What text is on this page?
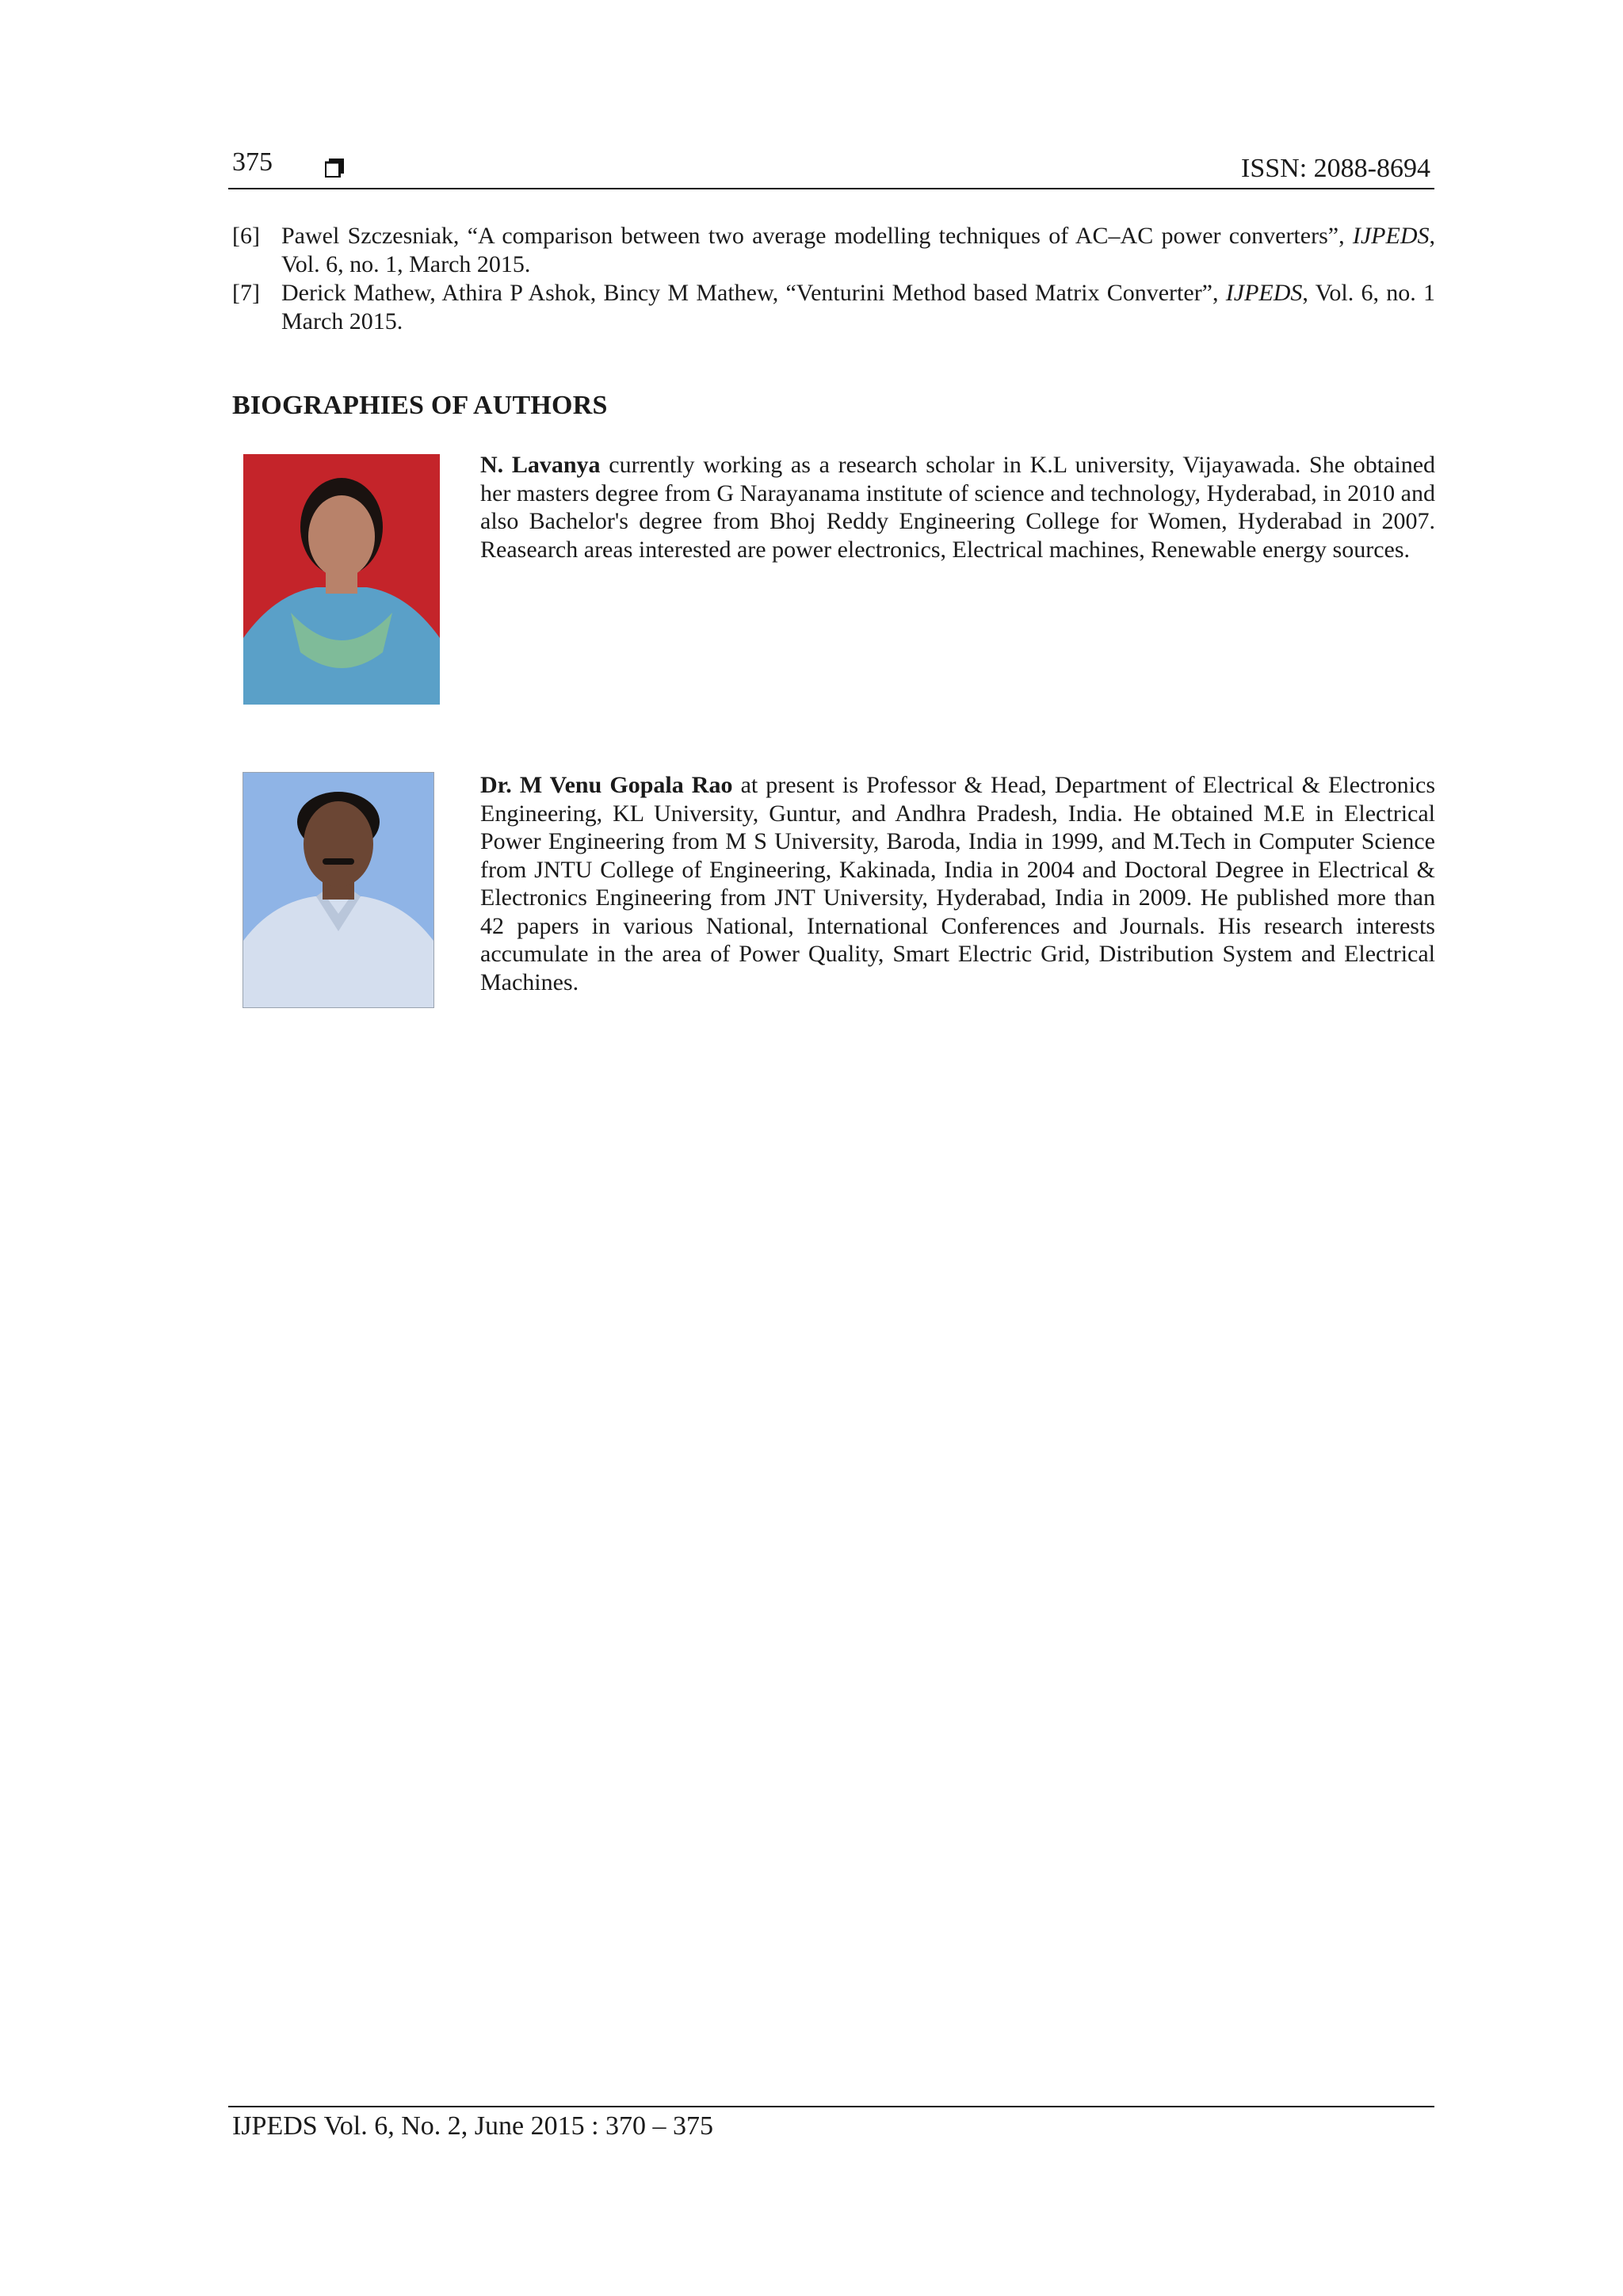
375	ISSN: 2088-8694
[6] Pawel Szczesniak, “A comparison between two average modelling techniques of AC–AC power converters”, IJPEDS, Vol. 6, no. 1, March 2015.
[7] Derick Mathew, Athira P Ashok, Bincy M Mathew, “Venturini Method based Matrix Converter”, IJPEDS, Vol. 6, no. 1 March 2015.
BIOGRAPHIES OF AUTHORS

N. Lavanya currently working as a research scholar in K.L university, Vijayawada. She obtained her masters degree from G Narayanama institute of science and technology, Hyderabad, in 2010 and also Bachelor's degree from Bhoj Reddy Engineering College for Women, Hyderabad in 2007. Reasearch areas interested are power electronics, Electrical machines, Renewable energy sources.

Dr. M Venu Gopala Rao at present is Professor & Head, Department of Electrical & Electronics Engineering, KL University, Guntur, and Andhra Pradesh, India. He obtained M.E in Electrical Power Engineering from M S University, Baroda, India in 1999, and M.Tech in Computer Science from JNTU College of Engineering, Kakinada, India in 2004 and Doctoral Degree in Electrical & Electronics Engineering from JNT University, Hyderabad, India in 2009. He published more than 42 papers in various National, International Conferences and Journals. His research interests accumulate in the area of Power Quality, Smart Electric Grid, Distribution System and Electrical Machines.

IJPEDS Vol. 6, No. 2, June 2015 : 370 – 375
